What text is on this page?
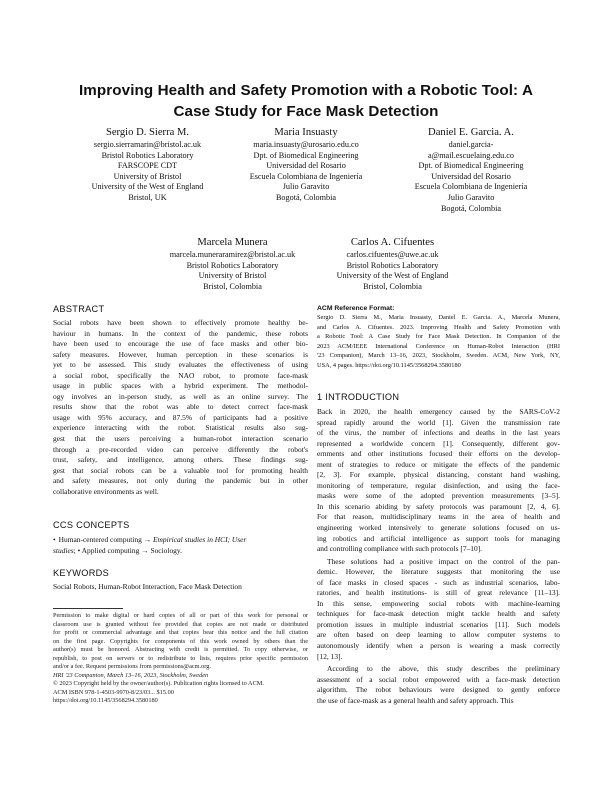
Improving Health and Safety Promotion with a Robotic Tool: A
Case Study for Face Mask Detection
Sergio D. Sierra M.
sergio.sierramarin@bristol.ac.uk
Bristol Robotics Laboratory
FARSCOPE CDT
University of Bristol
University of the West of England
Bristol, UK
Maria Insuasty
maria.insuasty@urosario.edu.co
Dpt. of Biomedical Engineering
Universidad del Rosario
Escuela Colombiana de Ingeniería
Julio Garavito
Bogotá, Colombia
Daniel E. Garcia. A.
daniel.garcia-
a@mail.escuelaing.edu.co
Dpt. of Biomedical Engineering
Universidad del Rosario
Escuela Colombiana de Ingeniería
Julio Garavito
Bogotá, Colombia
Marcela Munera
marcela.muneraramirez@bristol.ac.uk
Bristol Robotics Laboratory
University of Bristol
Bristol, Colombia
Carlos A. Cifuentes
carlos.cifuentes@uwe.ac.uk
Bristol Robotics Laboratory
University of the West of England
Bristol, Colombia
ABSTRACT
Social robots have been shown to effectively promote healthy be-
haviour in humans. In the context of the pandemic, these robots
have been used to encourage the use of face masks and other bio-
safety measures. However, human perception in these scenarios is
yet to be assessed. This study evaluates the effectiveness of using
a social robot, specifically the NAO robot, to promote face-mask
usage in public spaces with a hybrid experiment. The methodol-
ogy involves an in-person study, as well as an online survey. The
results show that the robot was able to detect correct face-mask
usage with 95% accuracy, and 87.5% of participants had a positive
experience interacting with the robot. Statistical results also sug-
gest that the users perceiving a human-robot interaction scenario
through a pre-recorded video can perceive differently the robot's
trust, safety, and intelligence, among others. These findings sug-
gest that social robots can be a valuable tool for promoting health
and safety measures, not only during the pandemic but in other
collaborative environments as well.
CCS CONCEPTS
• Human-centered computing → Empirical studies in HCI; User
studies; • Applied computing → Sociology.
KEYWORDS
Social Robots, Human-Robot Interaction, Face Mask Detection
Permission to make digital or hard copies of all or part of this work for personal or
classroom use is granted without fee provided that copies are not made or distributed
for profit or commercial advantage and that copies bear this notice and the full citation
on the first page. Copyrights for components of this work owned by others than the
author(s) must be honored. Abstracting with credit is permitted. To copy otherwise, or
republish, to post on servers or to redistribute to lists, requires prior specific permission
and/or a fee. Request permissions from permissions@acm.org.
HRI '23 Companion, March 13–16, 2023, Stockholm, Sweden
© 2023 Copyright held by the owner/author(s). Publication rights licensed to ACM.
ACM ISBN 978-1-4503-9970-8/23/03... $15.00
https://doi.org/10.1145/3568294.3580180
ACM Reference Format:
Sergio D. Sierra M., Maria Insuasty, Daniel E. Garcia. A., Marcela Munera,
and Carlos A. Cifuentes. 2023. Improving Health and Safety Promotion with
a Robotic Tool: A Case Study for Face Mask Detection. In Companion of the
2023 ACM/IEEE International Conference on Human-Robot Interaction (HRI
'23 Companion), March 13–16, 2023, Stockholm, Sweden. ACM, New York, NY,
USA, 4 pages. https://doi.org/10.1145/3568294.3580180
1 INTRODUCTION
Back in 2020, the health emergency caused by the SARS-CoV-2
spread rapidly around the world [1]. Given the transmission rate
of the virus, the number of infections and deaths in the last years
represented a worldwide concern [1]. Consequently, different gov-
ernments and other institutions focused their efforts on the develop-
ment of strategies to reduce or mitigate the effects of the pandemic
[2, 3]. For example, physical distancing, constant hand washing,
monitoring of temperature, regular disinfection, and using the face-
masks were some of the adopted prevention measurements [3–5].
In this scenario abiding by safety protocols was paramount [2, 4, 6].
For that reason, multidisciplinary teams in the area of health and
engineering worked intensively to generate solutions focused on us-
ing robotics and artificial intelligence as support tools for managing
and controlling compliance with such protocols [7–10].
These solutions had a positive impact on the control of the pan-
demic. However, the literature suggests that monitoring the use
of face masks in closed spaces - such as industrial scenarios, labo-
ratories, and health institutions- is still of great relevance [11–13].
In this sense, empowering social robots with machine-learning
techniques for face-mask detection might tackle health and safety
promotion issues in multiple industrial scenarios [11]. Such models
are often based on deep learning to allow computer systems to
autonomously identify when a person is wearing a mask correctly
[12, 13].
According to the above, this study describes the preliminary
assessment of a social robot empowered with a face-mask detection
algorithm. The robot behaviours were designed to gently enforce
the use of face-mask as a general health and safety approach. This
